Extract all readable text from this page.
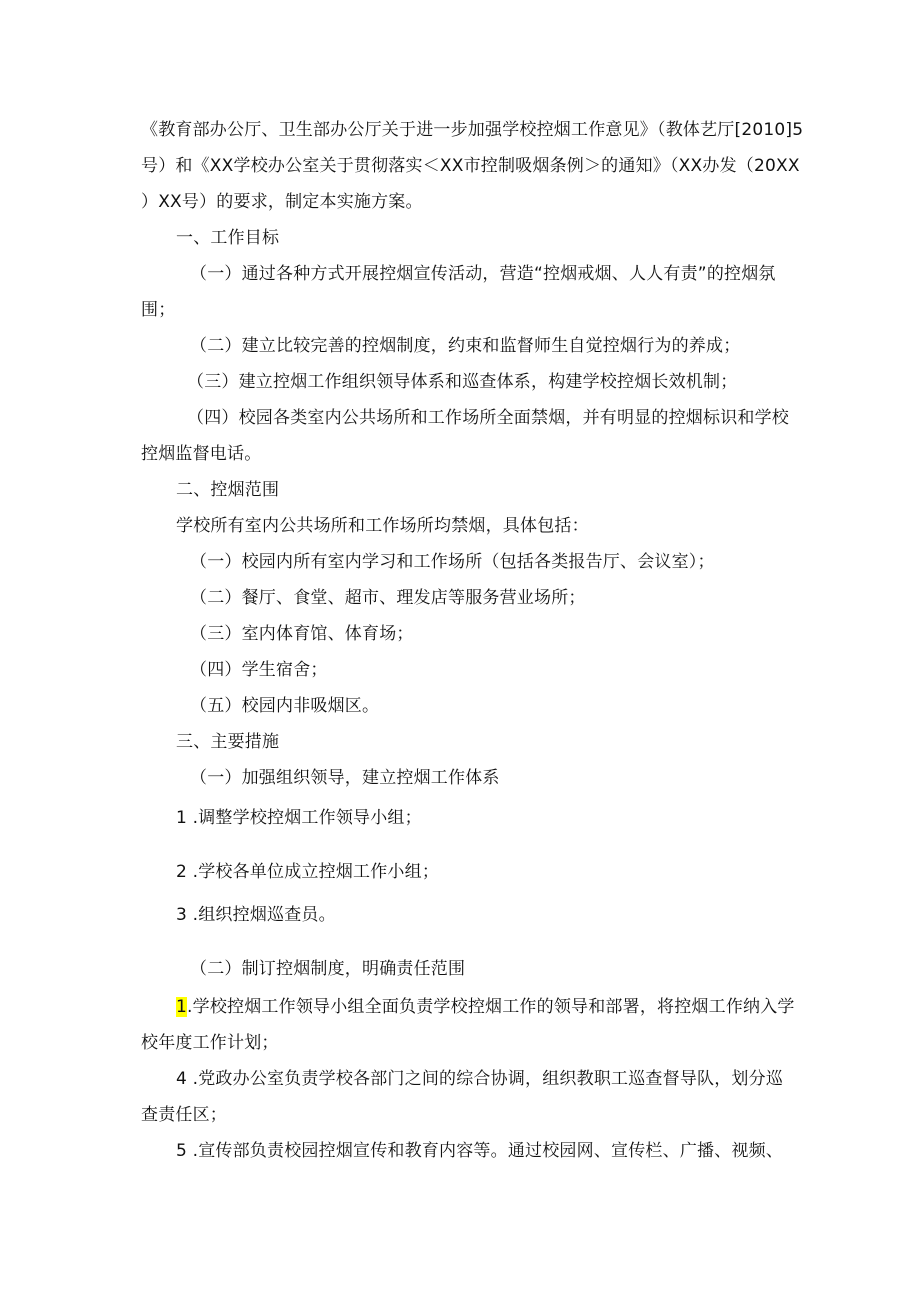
《教育部办公厅、卫生部办公厅关于进一步加强学校控烟工作意见》（教体艺厅[2010]5
号）和《XX学校办公室关于贯彻落实＜XX市控制吸烟条例＞的通知》（XX办发（20XX
）XX号）的要求，制定本实施方案。
一、工作目标
（一）通过各种方式开展控烟宣传活动，营造“控烟戒烟、人人有责”的控烟氛
围；
（二）建立比较完善的控烟制度，约束和监督师生自觉控烟行为的养成；
（三）建立控烟工作组织领导体系和巡查体系，构建学校控烟长效机制；
（四）校园各类室内公共场所和工作场所全面禁烟，并有明显的控烟标识和学校
控烟监督电话。
二、控烟范围
学校所有室内公共场所和工作场所均禁烟，具体包括：
（一）校园内所有室内学习和工作场所（包括各类报告厅、会议室）；
（二）餐厅、食堂、超市、理发店等服务营业场所；
（三）室内体育馆、体育场；
（四）学生宿舍；
（五）校园内非吸烟区。
三、主要措施
（一）加强组织领导，建立控烟工作体系
1 .调整学校控烟工作领导小组；
2 .学校各单位成立控烟工作小组；
3 .组织控烟巡查员。
（二）制订控烟制度，明确责任范围
1.学校控烟工作领导小组全面负责学校控烟工作的领导和部署，将控烟工作纳入学
校年度工作计划；
4 .党政办公室负责学校各部门之间的综合协调，组织教职工巡查督导队，划分巡
查责任区；
5 .宣传部负责校园控烟宣传和教育内容等。通过校园网、宣传栏、广播、视频、
